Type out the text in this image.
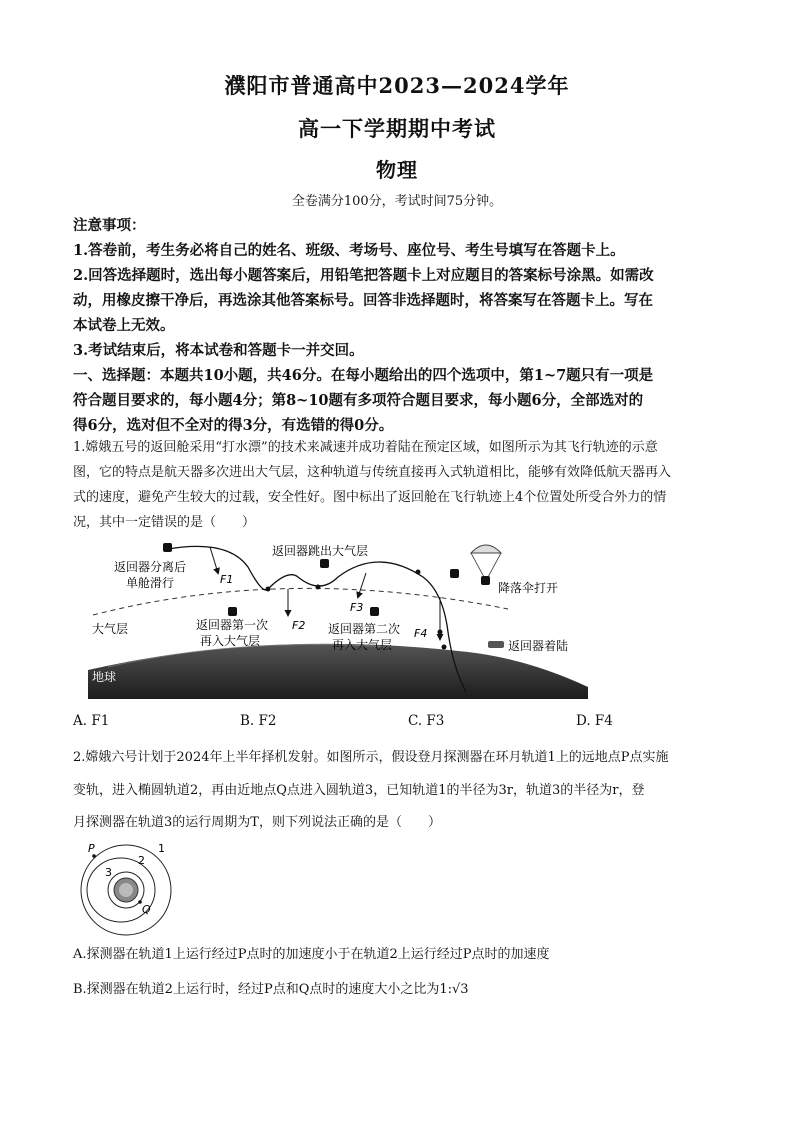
濮阳市普通高中2023—2024学年
高一下学期期中考试
物理
全卷满分100分，考试时间75分钟。
注意事项：
1.答卷前，考生务必将自己的姓名、班级、考场号、座位号、考生号填写在答题卡上。
2.回答选择题时，选出每小题答案后，用铅笔把答题卡上对应题目的答案标号涂黑。如需改
动，用橡皮擦干净后，再选涂其他答案标号。回答非选择题时，将答案写在答题卡上。写在
本试卷上无效。
3.考试结束后，将本试卷和答题卡一并交回。
一、选择题：本题共10小题，共46分。在每小题给出的四个选项中，第1~7题只有一项是
符合题目要求的，每小题4分；第8~10题有多项符合题目要求，每小题6分，全部选对的
得6分，选对但不全对的得3分，有选错的得0分。
1.嫦娥五号的返回舱采用“打水漂”的技术来减速并成功着陆在预定区域，如图所示为其飞行轨迹的示意
图，它的特点是航天器多次进出大气层，这种轨道与传统直接再入式轨道相比，能够有效降低航天器再入
式的速度，避免产生较大的过载，安全性好。图中标出了返回舱在飞行轨迹上4个位置处所受合外力的情
况，其中一定错误的是（　　）
返回器分离后
单舱滑行
返回器跳出大气层
降落伞打开
大气层	返回器第一次
再入大气层
返回器第二次
再入大气层	返回器着陆
地球
F1
F2
F3
F4
A. F1	B. F2	C. F3	D. F4
2.嫦娥六号计划于2024年上半年择机发射。如图所示，假设登月探测器在环月轨道1上的远地点P点实施
变轨，进入椭圆轨道2，再由近地点Q点进入圆轨道3，已知轨道1的半径为3r，轨道3的半径为r，登
月探测器在轨道3的运行周期为T，则下列说法正确的是（　　）
P
Q
1
2
3
A.探测器在轨道1上运行经过P点时的加速度小于在轨道2上运行经过P点时的加速度
B.探测器在轨道2上运行时，经过P点和Q点时的速度大小之比为1:√3
